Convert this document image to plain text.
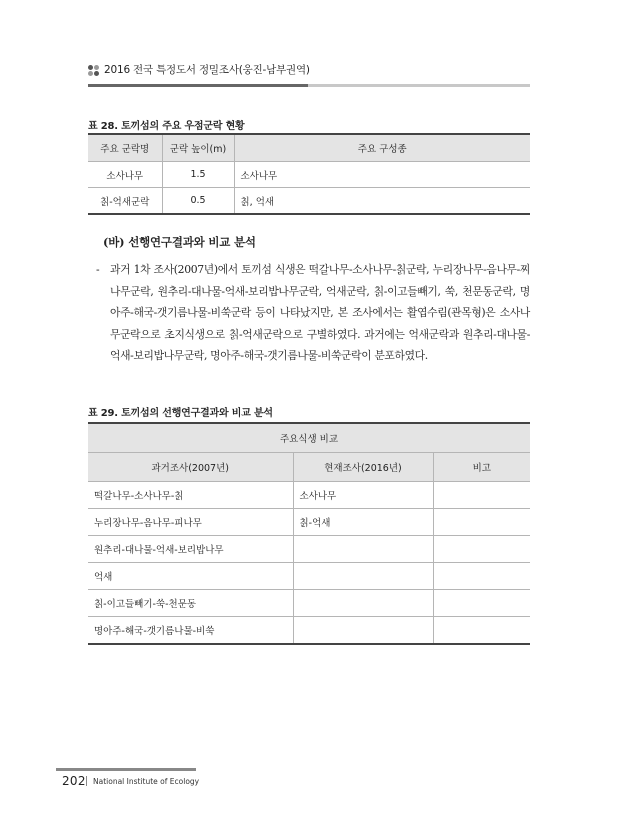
2016 전국 특정도서 정밀조사(웅진-남부권역)
표 28. 토끼섬의 주요 우점군락 현황
주요 군락명	군락 높이(m)	주요 구성종
소사나무	1.5	소사나무
칡-억새군락	0.5	칡, 억새
(바) 선행연구결과와 비교 분석
- 과거 1차 조사(2007년)에서 토끼섬 식생은 떡갈나무-소사나무-칡군락, 누리장나무-음나무-찌나무군락, 원추리-대나물-억새-보리밥나무군락, 억새군락, 칡-이고들빼기, 쑥, 천문동군락, 명아주-해국-갯기름나물-비쑥군락 등이 나타났지만, 본 조사에서는 활엽수림(관목형)은 소사나무군락으로 초지식생으로 칡-억새군락으로 구별하였다. 과거에는 억새군락과 원추리-대나물-억새-보리밥나무군락, 명아주-해국-갯기름나물-비쑥군락이 분포하였다.
표 29. 토끼섬의 선행연구결과와 비교 분석
주요식생 비교		
과거조사(2007년)	현재조사(2016년)	비고
떡갈나무-소사나무-칡	소사나무	
누리장나무-음나무-피나무	칡-억새	
원추리-대나물-억새-보리밥나무		
억새		
칡-이고들빼기-쑥-천문동		
명아주-해국-갯기름나물-비쑥		
202 National Institute of Ecology
